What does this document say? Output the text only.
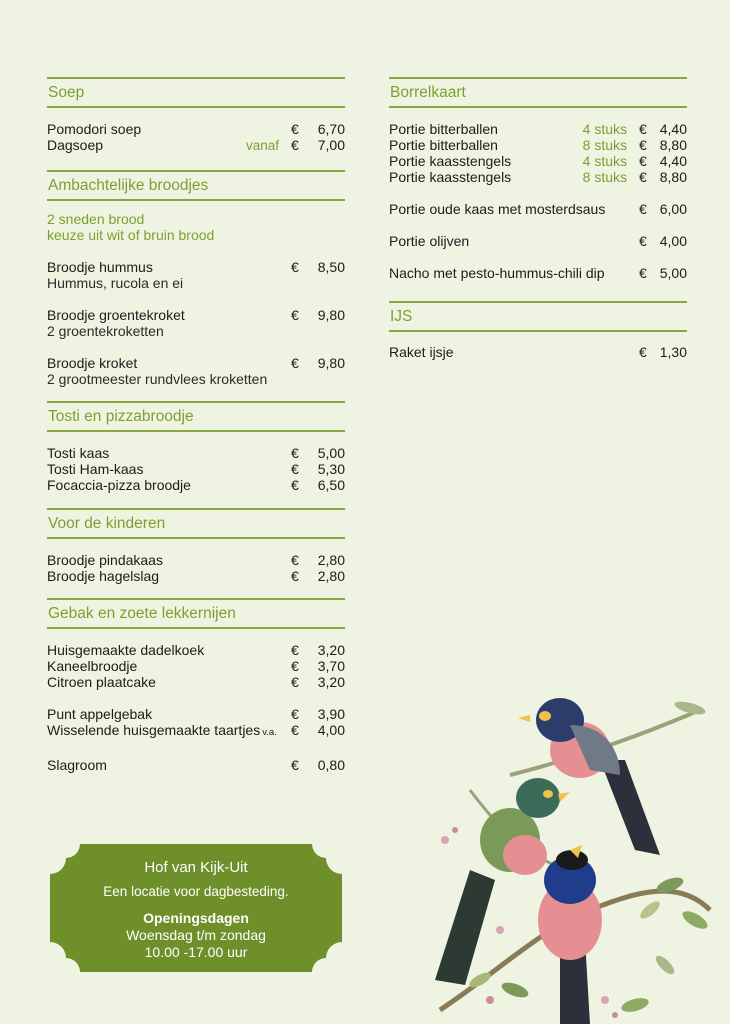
Soep
Pomodori soep	€	6,70
Dagsoep	vanaf €	7,00
Ambachtelijke broodjes
2 sneden brood
keuze uit wit of bruin brood
Broodje hummus	€	8,50
Hummus, rucola en ei
Broodje groentekroket	€	9,80
2 groentekroketten
Broodje kroket	€	9,80
2 grootmeester rundvlees kroketten
Tosti en pizzabroodje
Tosti kaas	€	5,00
Tosti Ham-kaas	€	5,30
Focaccia-pizza broodje	€	6,50
Voor de kinderen
Broodje pindakaas	€	2,80
Broodje hagelslag	€	2,80
Gebak en zoete lekkernijen
Huisgemaakte dadelkoek	€	3,20
Kaneelbroodje	€	3,70
Citroen plaatcake	€	3,20
Punt appelgebak	€	3,90
Wisselende huisgemaakte taartjes v.a. €	4,00
Slagroom	€	0,80
Borrelkaart
Portie bitterballen	4 stuks € 4,40
Portie bitterballen	8 stuks € 8,80
Portie kaasstengels	4 stuks € 4,40
Portie kaasstengels	8 stuks € 8,80
Portie oude kaas met mosterdsaus	€ 6,00
Portie olijven	€ 4,00
Nacho met pesto-hummus-chili dip	€ 5,00
IJS
Raket ijsje	€ 1,30
Hof van Kijk-Uit
Een locatie voor dagbesteding.
Openingsdagen
Woensdag t/m zondag
10.00 -17.00 uur
